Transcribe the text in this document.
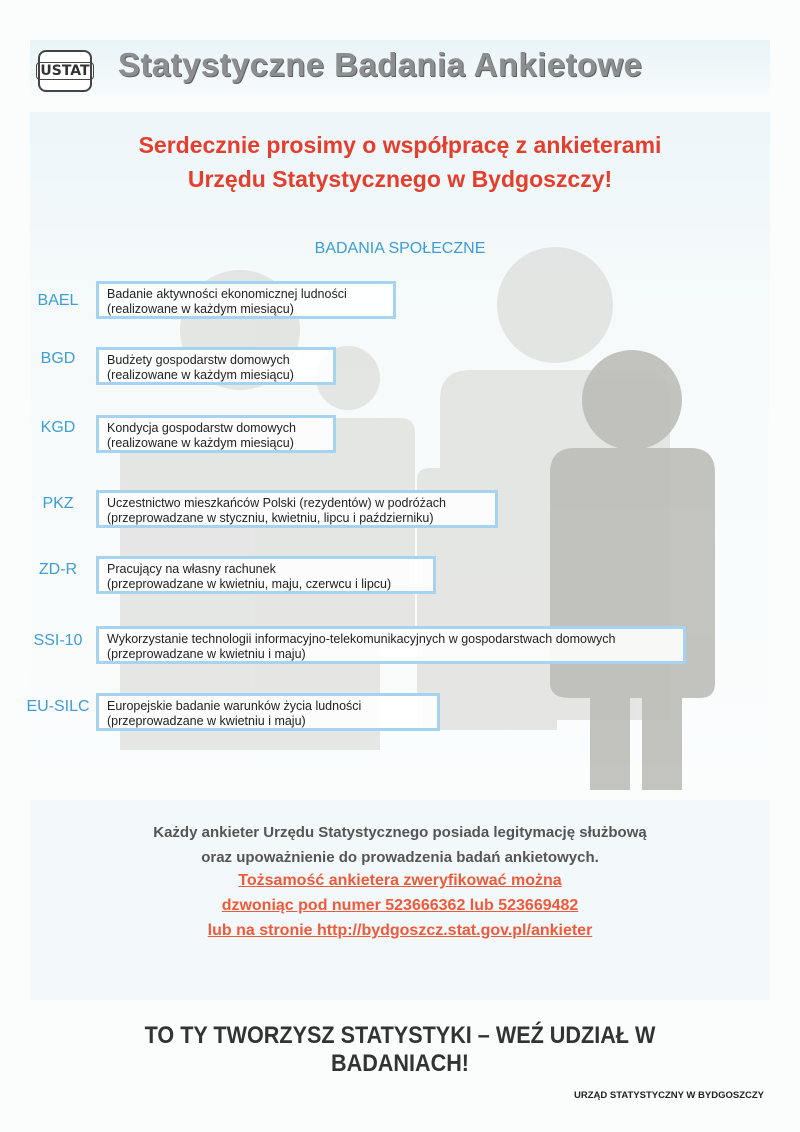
USTAT Statystyczne Badania Ankietowe
Serdecznie prosimy o współpracę z ankieterami
Urzędu Statystycznego w Bydgoszczy!
BADANIA SPOŁECZNE
BAEL	Badanie aktywności ekonomicznej ludności
(realizowane w każdym miesiącu)
BGD	Budżety gospodarstw domowych
(realizowane w każdym miesiącu)
KGD	Kondycja gospodarstw domowych
(realizowane w każdym miesiącu)
PKZ	Uczestnictwo mieszkańców Polski (rezydentów) w podróżach
(przeprowadzane w styczniu, kwietniu, lipcu i październiku)
ZD-R	Pracujący na własny rachunek
(przeprowadzane w kwietniu, maju, czerwcu i lipcu)
SSI-10	Wykorzystanie technologii informacyjno-telekomunikacyjnych w gospodarstwach domowych
(przeprowadzane w kwietniu i maju)
EU-SILC	Europejskie badanie warunków życia ludności
(przeprowadzane w kwietniu i maju)
Każdy ankieter Urzędu Statystycznego posiada legitymację służbową
oraz upoważnienie do prowadzenia badań ankietowych.
Tożsamość ankietera zweryfikować można
dzwoniąc pod numer 523666362 lub 523669482
lub na stronie http://bydgoszcz.stat.gov.pl/ankieter
TO TY TWORZYSZ STATYSTYKI – WEŹ UDZIAŁ W BADANIACH!
URZĄD STATYSTYCZNY W BYDGOSZCZY
